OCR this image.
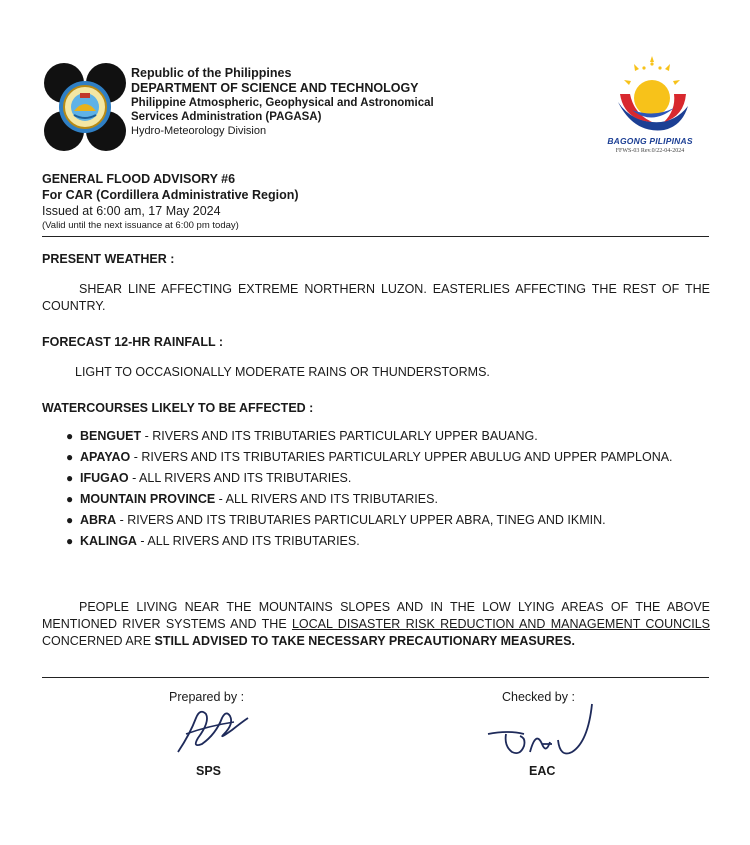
Republic of the Philippines
DEPARTMENT OF SCIENCE AND TECHNOLOGY
Philippine Atmospheric, Geophysical and Astronomical
Services Administration (PAGASA)
Hydro-Meteorology Division
BAGONG PILIPINAS
FFWS-03 Rev.0/22-04-2024
GENERAL FLOOD ADVISORY #6
For CAR (Cordillera Administrative Region)
Issued at 6:00 am, 17 May 2024
(Valid until the next issuance at 6:00 pm today)
PRESENT WEATHER :
SHEAR LINE AFFECTING EXTREME NORTHERN LUZON. EASTERLIES AFFECTING THE REST OF THE COUNTRY.
FORECAST 12-HR RAINFALL :
LIGHT TO OCCASIONALLY MODERATE RAINS OR THUNDERSTORMS.
WATERCOURSES LIKELY TO BE AFFECTED :
● BENGUET - RIVERS AND ITS TRIBUTARIES PARTICULARLY UPPER BAUANG.
● APAYAO - RIVERS AND ITS TRIBUTARIES PARTICULARLY UPPER ABULUG AND UPPER PAMPLONA.
● IFUGAO - ALL RIVERS AND ITS TRIBUTARIES.
● MOUNTAIN PROVINCE - ALL RIVERS AND ITS TRIBUTARIES.
● ABRA - RIVERS AND ITS TRIBUTARIES PARTICULARLY UPPER ABRA, TINEG AND IKMIN.
● KALINGA - ALL RIVERS AND ITS TRIBUTARIES.
PEOPLE LIVING NEAR THE MOUNTAINS SLOPES AND IN THE LOW LYING AREAS OF THE ABOVE MENTIONED RIVER SYSTEMS AND THE LOCAL DISASTER RISK REDUCTION AND MANAGEMENT COUNCILS CONCERNED ARE STILL ADVISED TO TAKE NECESSARY PRECAUTIONARY MEASURES.
Prepared by :
SPS
Checked by :
EAC
